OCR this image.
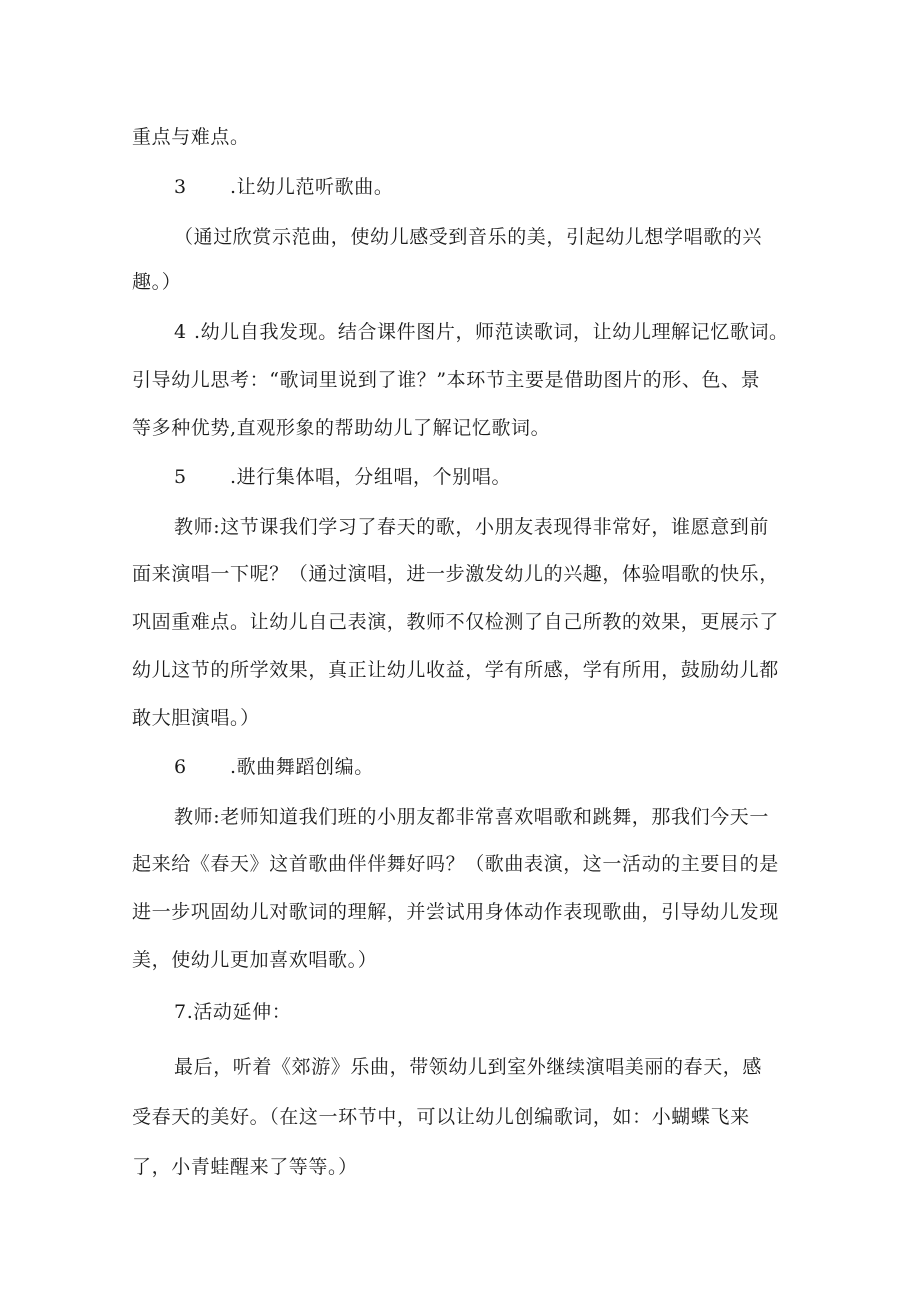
重点与难点。
3 .让幼儿范听歌曲。
（通过欣赏示范曲，使幼儿感受到音乐的美，引起幼儿想学唱歌的兴
趣。）
4 .幼儿自我发现。结合课件图片，师范读歌词，让幼儿理解记忆歌词。
引导幼儿思考：“歌词里说到了谁？”本环节主要是借助图片的形、色、景
等多种优势,直观形象的帮助幼儿了解记忆歌词。
5 .进行集体唱，分组唱，个别唱。
教师:这节课我们学习了春天的歌，小朋友表现得非常好，谁愿意到前
面来演唱一下呢？（通过演唱，进一步激发幼儿的兴趣，体验唱歌的快乐，
巩固重难点。让幼儿自己表演，教师不仅检测了自己所教的效果，更展示了
幼儿这节的所学效果，真正让幼儿收益，学有所感，学有所用，鼓励幼儿都
敢大胆演唱。）
6 .歌曲舞蹈创编。
教师:老师知道我们班的小朋友都非常喜欢唱歌和跳舞，那我们今天一
起来给《春天》这首歌曲伴伴舞好吗？（歌曲表演，这一活动的主要目的是
进一步巩固幼儿对歌词的理解，并尝试用身体动作表现歌曲，引导幼儿发现
美，使幼儿更加喜欢唱歌。）
7.活动延伸：
最后，听着《郊游》乐曲，带领幼儿到室外继续演唱美丽的春天，感
受春天的美好。（在这一环节中，可以让幼儿创编歌词，如：小蝴蝶飞来
了，小青蛙醒来了等等。）
